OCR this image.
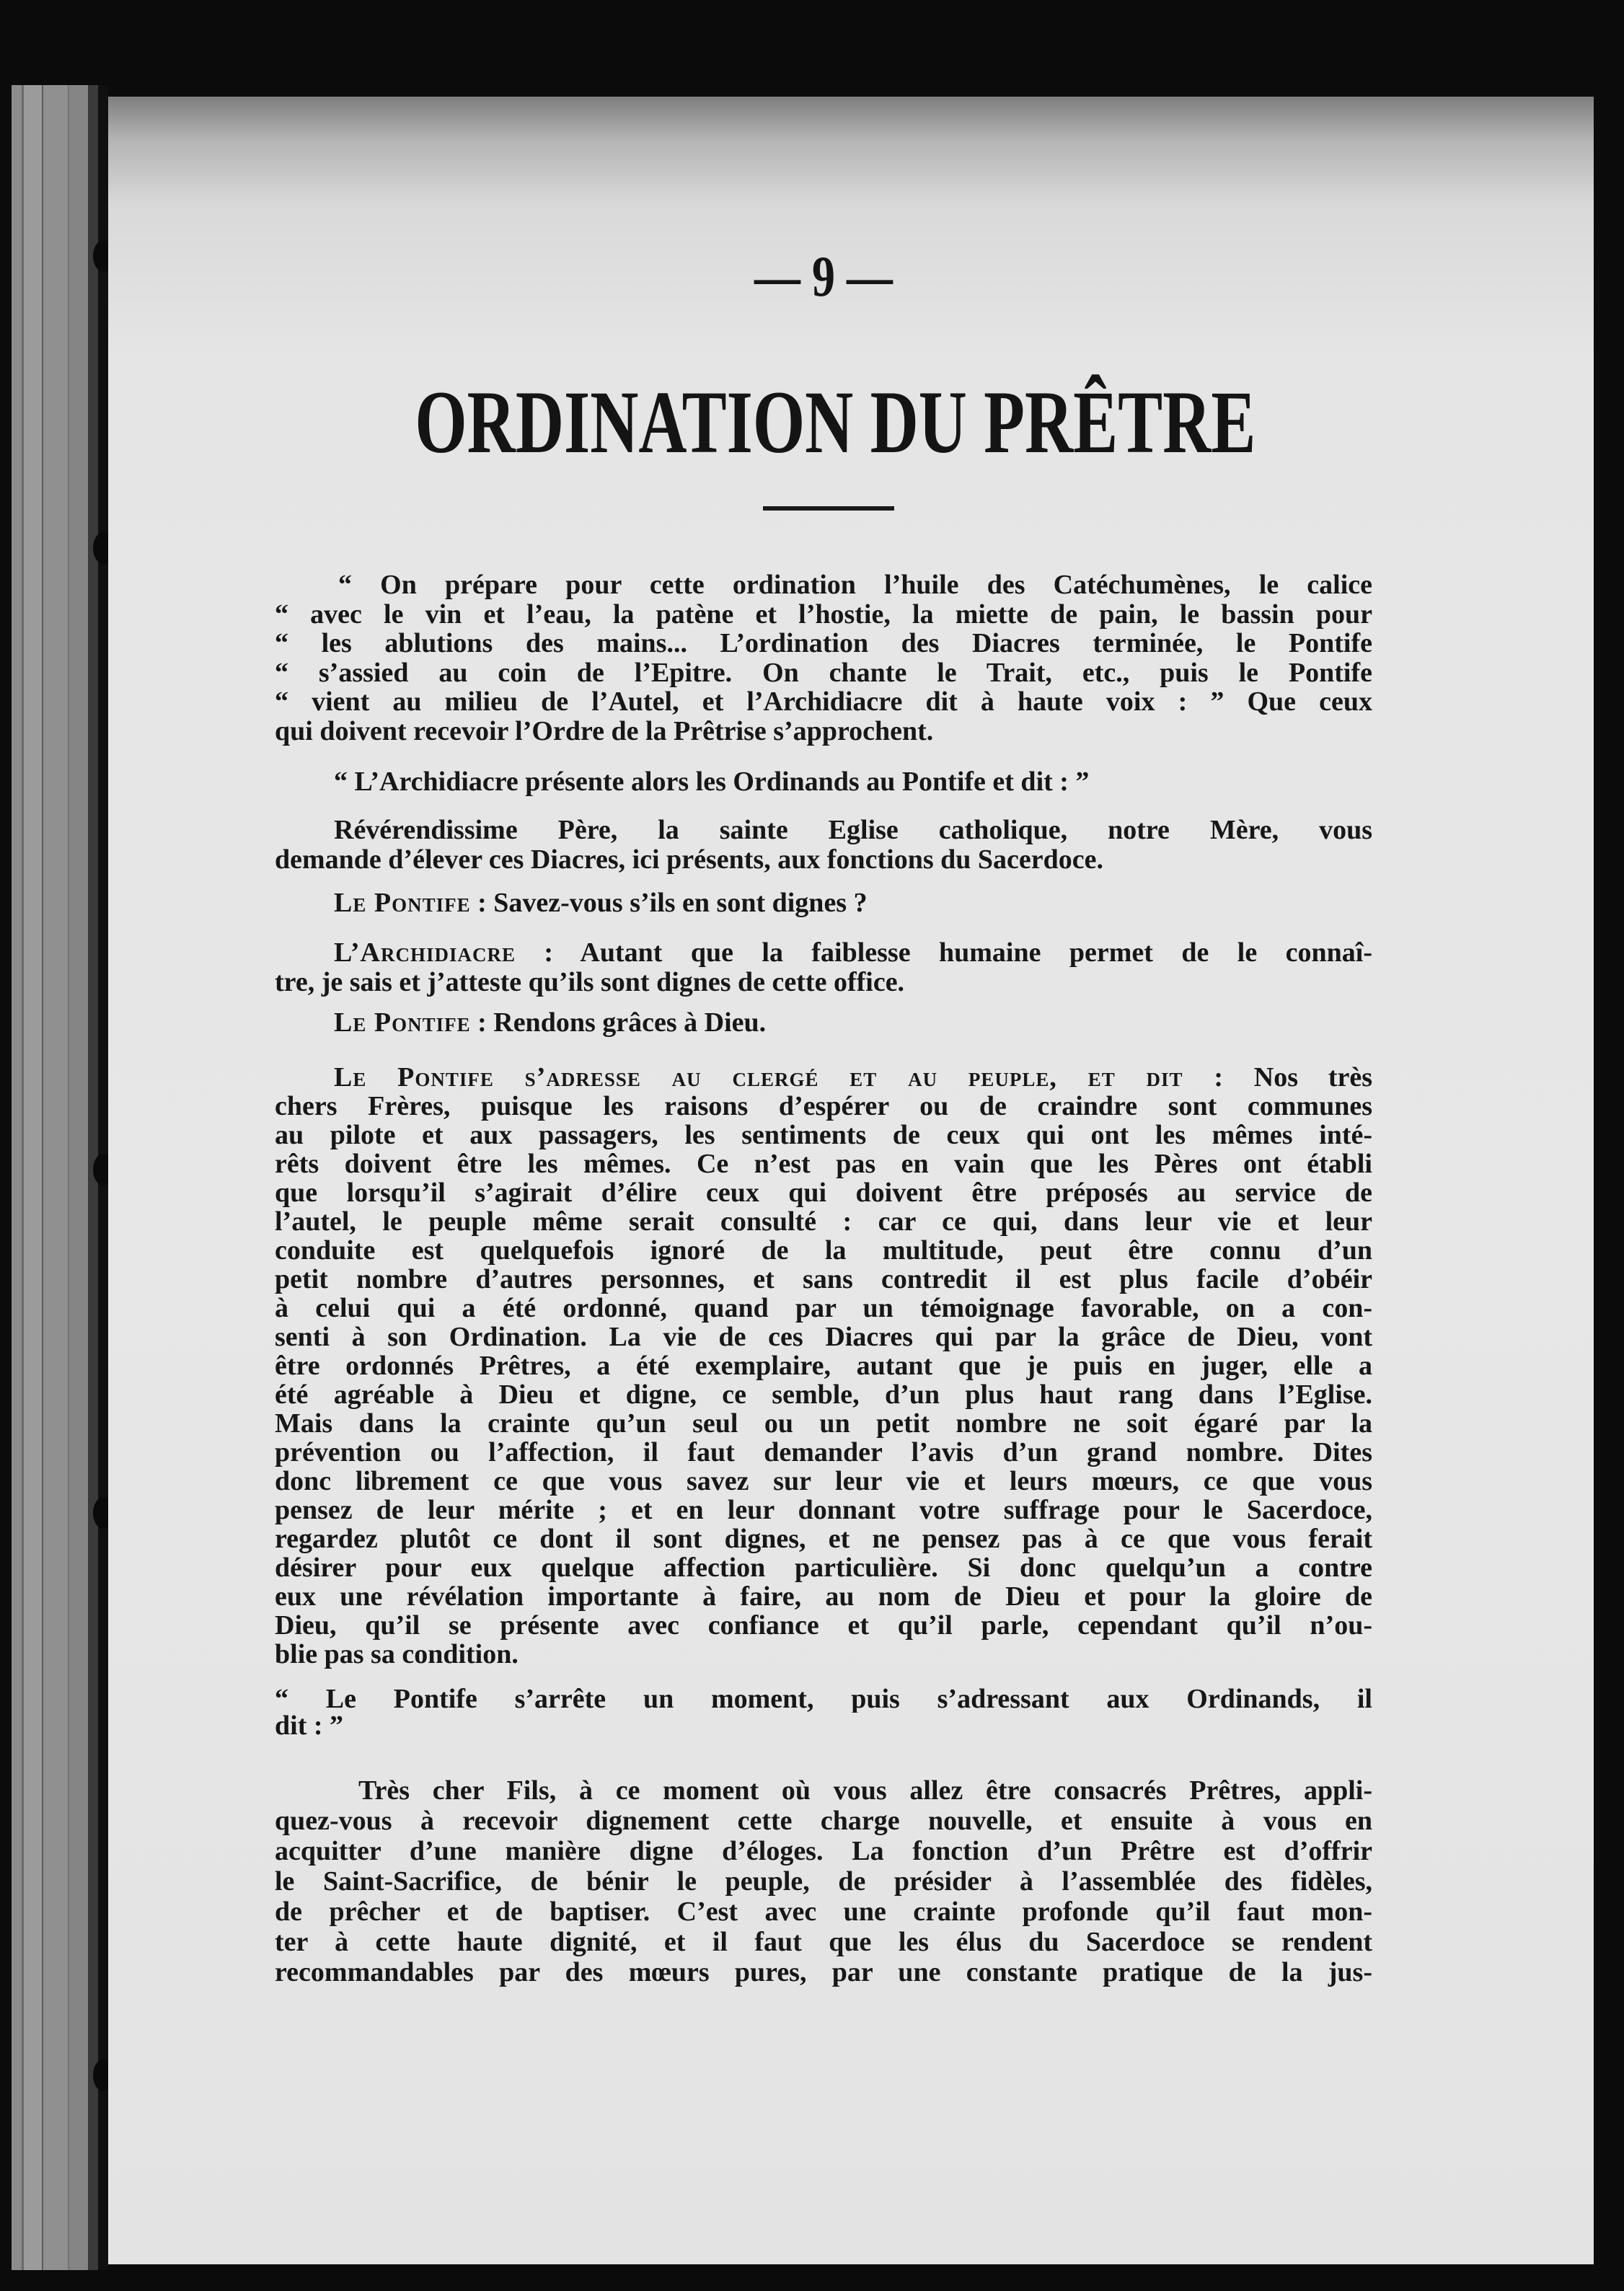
— 9 —
ORDINATION DU PRÊTRE
“ On prépare pour cette ordination l’huile des Catéchumènes, le calice
“ avec le vin et l’eau, la patène et l’hostie, la miette de pain, le bassin pour
“ les ablutions des mains... L’ordination des Diacres terminée, le Pontife
“ s’assied au coin de l’Epitre. On chante le Trait, etc., puis le Pontife
“ vient au milieu de l’Autel, et l’Archidiacre dit à haute voix : ” Que ceux
qui doivent recevoir l’Ordre de la Prêtrise s’approchent.
“ L’Archidiacre présente alors les Ordinands au Pontife et dit : ”
Révérendissime Père, la sainte Eglise catholique, notre Mère, vous
demande d’élever ces Diacres, ici présents, aux fonctions du Sacerdoce.
Le Pontife : Savez-vous s’ils en sont dignes ?
L’Archidiacre : Autant que la faiblesse humaine permet de le connaî-
tre, je sais et j’atteste qu’ils sont dignes de cette office.
Le Pontife : Rendons grâces à Dieu.
Le Pontife s’adresse au clergé et au peuple, et dit : Nos très
chers Frères, puisque les raisons d’espérer ou de craindre sont communes
au pilote et aux passagers, les sentiments de ceux qui ont les mêmes inté-
rêts doivent être les mêmes. Ce n’est pas en vain que les Pères ont établi
que lorsqu’il s’agirait d’élire ceux qui doivent être préposés au service de
l’autel, le peuple même serait consulté : car ce qui, dans leur vie et leur
conduite est quelquefois ignoré de la multitude, peut être connu d’un
petit nombre d’autres personnes, et sans contredit il est plus facile d’obéir
à celui qui a été ordonné, quand par un témoignage favorable, on a con-
senti à son Ordination. La vie de ces Diacres qui par la grâce de Dieu, vont
être ordonnés Prêtres, a été exemplaire, autant que je puis en juger, elle a
été agréable à Dieu et digne, ce semble, d’un plus haut rang dans l’Eglise.
Mais dans la crainte qu’un seul ou un petit nombre ne soit égaré par la
prévention ou l’affection, il faut demander l’avis d’un grand nombre. Dites
donc librement ce que vous savez sur leur vie et leurs mœurs, ce que vous
pensez de leur mérite ; et en leur donnant votre suffrage pour le Sacerdoce,
regardez plutôt ce dont il sont dignes, et ne pensez pas à ce que vous ferait
désirer pour eux quelque affection particulière. Si donc quelqu’un a contre
eux une révélation importante à faire, au nom de Dieu et pour la gloire de
Dieu, qu’il se présente avec confiance et qu’il parle, cependant qu’il n’ou-
blie pas sa condition.
“ Le Pontife s’arrête un moment, puis s’adressant aux Ordinands, il
dit : ”
Très cher Fils, à ce moment où vous allez être consacrés Prêtres, appli-
quez-vous à recevoir dignement cette charge nouvelle, et ensuite à vous en
acquitter d’une manière digne d’éloges. La fonction d’un Prêtre est d’offrir
le Saint-Sacrifice, de bénir le peuple, de présider à l’assemblée des fidèles,
de prêcher et de baptiser. C’est avec une crainte profonde qu’il faut mon-
ter à cette haute dignité, et il faut que les élus du Sacerdoce se rendent
recommandables par des mœurs pures, par une constante pratique de la jus-
